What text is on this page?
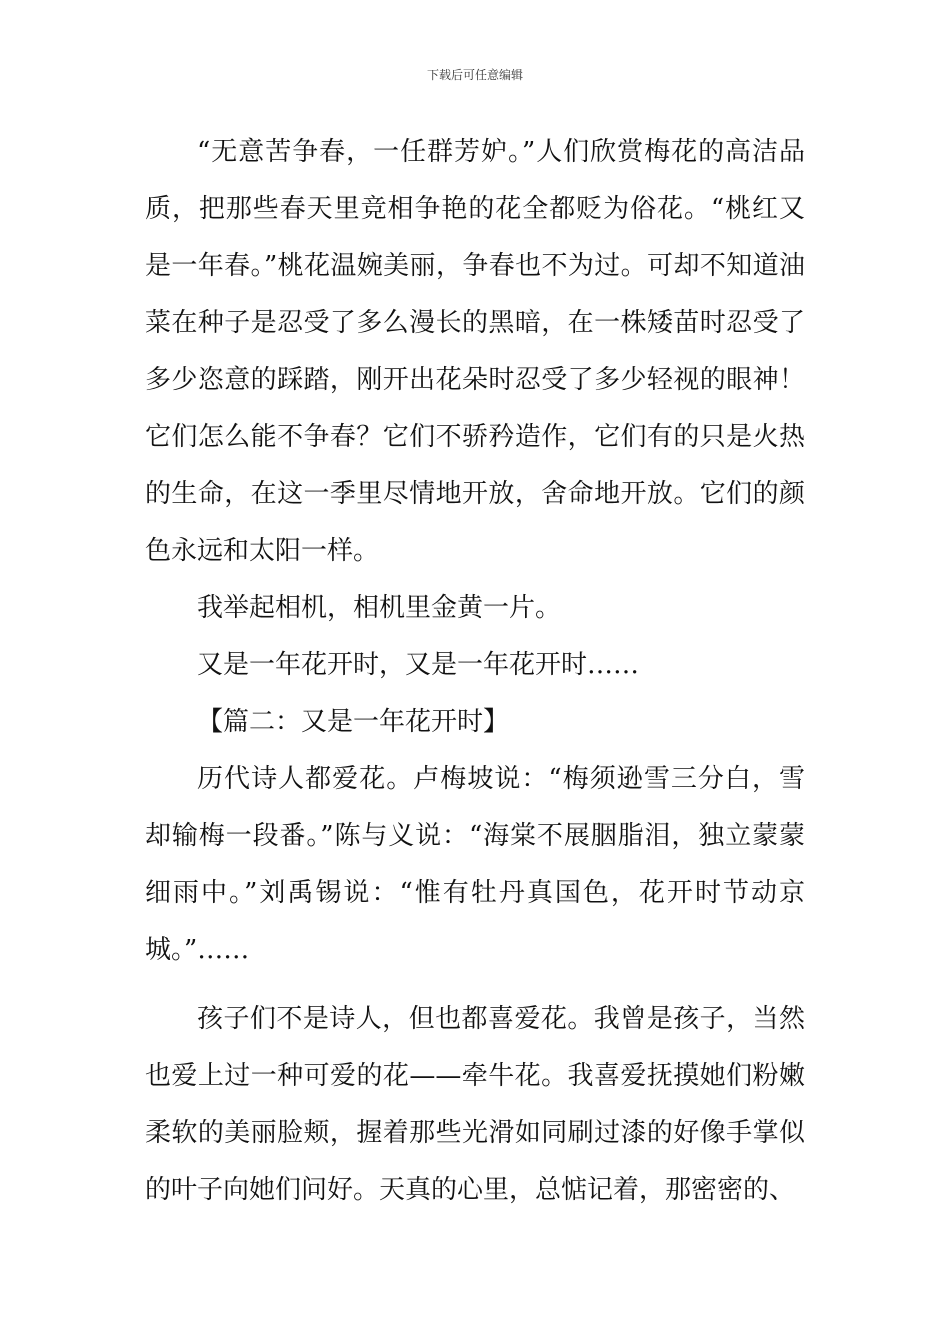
下载后可任意编辑

“无意苦争春，一任群芳妒。”人们欣赏梅花的高洁品质，把那些春天里竞相争艳的花全都贬为俗花。“桃红又是一年春。”桃花温婉美丽，争春也不为过。可却不知道油菜在种子是忍受了多么漫长的黑暗，在一株矮苗时忍受了多少恣意的踩踏，刚开出花朵时忍受了多少轻视的眼神！它们怎么能不争春？它们不骄矜造作，它们有的只是火热的生命，在这一季里尽情地开放，舍命地开放。它们的颜色永远和太阳一样。

我举起相机，相机里金黄一片。

又是一年花开时，又是一年花开时……

【篇二：又是一年花开时】

历代诗人都爱花。卢梅坡说：“梅须逊雪三分白，雪却输梅一段番。”陈与义说：“海棠不展胭脂泪，独立蒙蒙细雨中。”刘禹锡说：“惟有牡丹真国色，花开时节动京城。”……

孩子们不是诗人，但也都喜爱花。我曾是孩子，当然也爱上过一种可爱的花——牵牛花。我喜爱抚摸她们粉嫩柔软的美丽脸颊，握着那些光滑如同刷过漆的好像手掌似的叶子向她们问好。天真的心里，总惦记着，那密密的、
